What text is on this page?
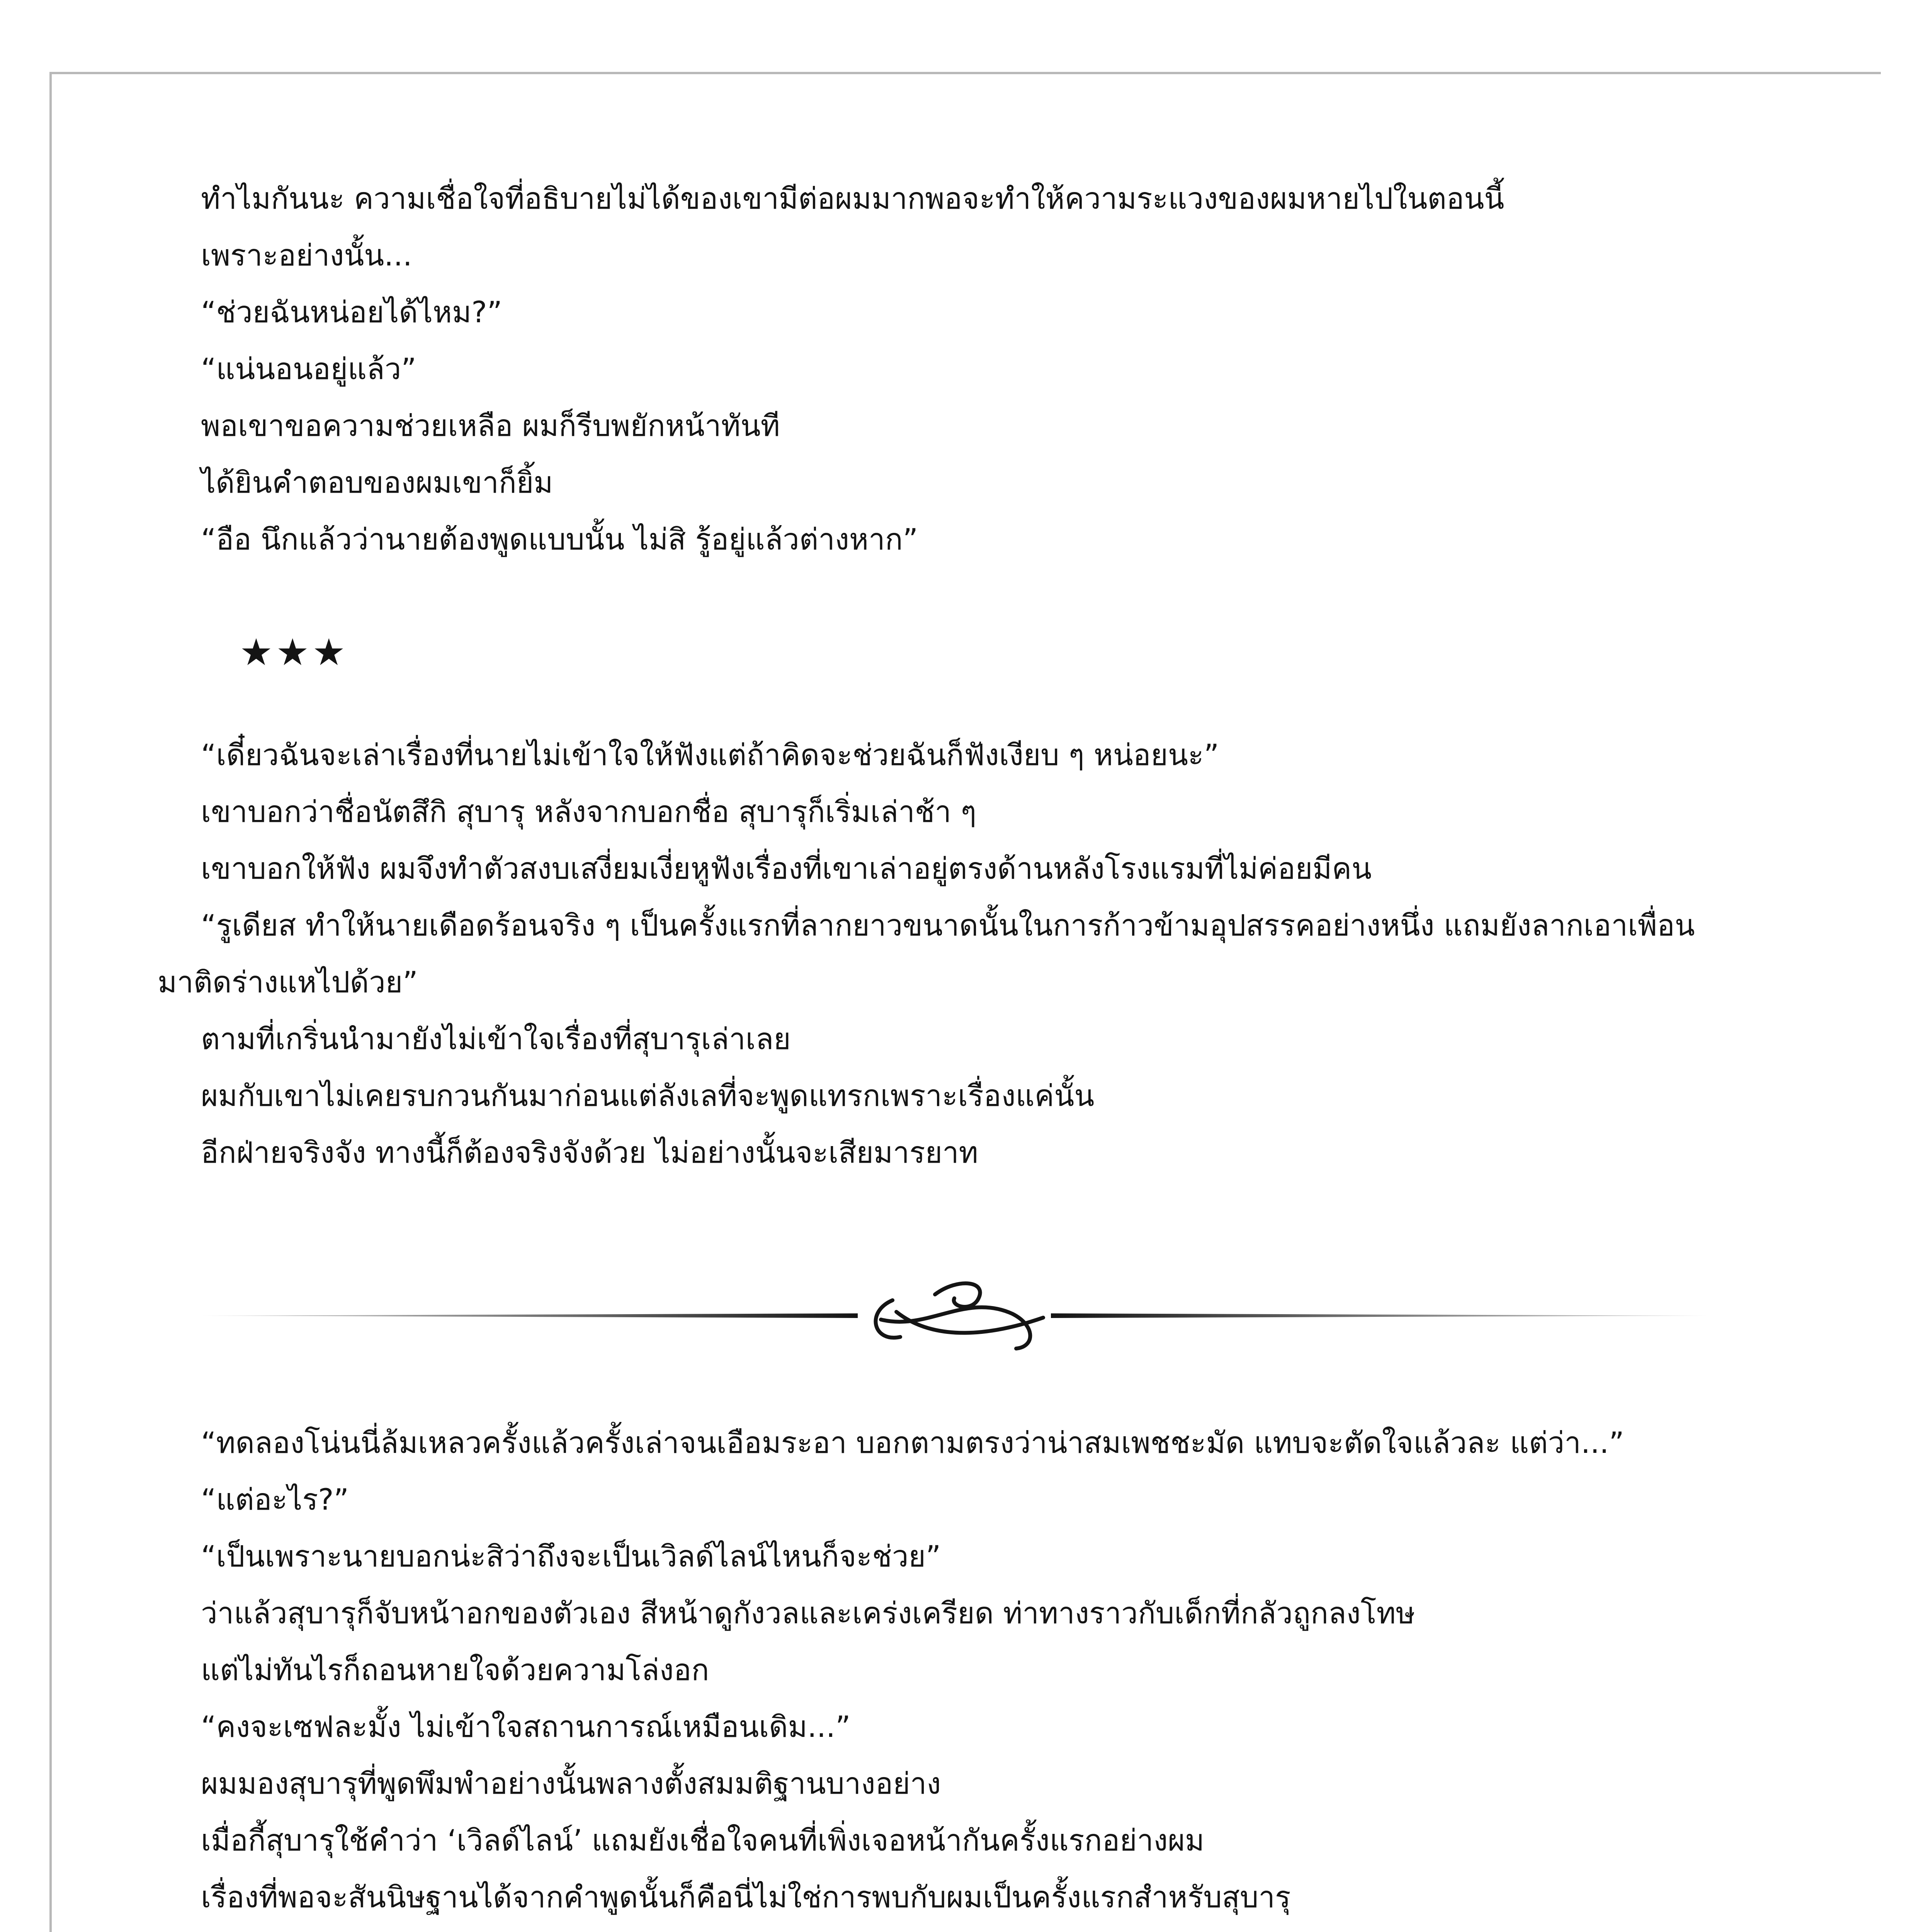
ทำไมกันนะ ความเชื่อใจที่อธิบายไม่ได้ของเขามีต่อผมมากพอจะทำให้ความระแวงของผมหายไปในตอนนี้

เพราะอย่างนั้น...

“ช่วยฉันหน่อยได้ไหม?”

“แน่นอนอยู่แล้ว”

พอเขาขอความช่วยเหลือ ผมก็รีบพยักหน้าทันที

ได้ยินคำตอบของผมเขาก็ยิ้ม

“อือ นึกแล้วว่านายต้องพูดแบบนั้น ไม่สิ รู้อยู่แล้วต่างหาก”

★★★

“เดี๋ยวฉันจะเล่าเรื่องที่นายไม่เข้าใจให้ฟังแต่ถ้าคิดจะช่วยฉันก็ฟังเงียบ ๆ หน่อยนะ”

เขาบอกว่าชื่อนัตสึกิ สุบารุ หลังจากบอกชื่อ สุบารุก็เริ่มเล่าช้า ๆ

เขาบอกให้ฟัง ผมจึงทำตัวสงบเสงี่ยมเงี่ยหูฟังเรื่องที่เขาเล่าอยู่ตรงด้านหลังโรงแรมที่ไม่ค่อยมีคน

“รูเดียส ทำให้นายเดือดร้อนจริง ๆ เป็นครั้งแรกที่ลากยาวขนาดนั้นในการก้าวข้ามอุปสรรคอย่างหนึ่ง แถมยังลากเอาเพื่อนมาติดร่างแหไปด้วย”

ตามที่เกริ่นนำมายังไม่เข้าใจเรื่องที่สุบารุเล่าเลย

ผมกับเขาไม่เคยรบกวนกันมาก่อนแต่ลังเลที่จะพูดแทรกเพราะเรื่องแค่นั้น

อีกฝ่ายจริงจัง ทางนี้ก็ต้องจริงจังด้วย ไม่อย่างนั้นจะเสียมารยาท

“ทดลองโน่นนี่ล้มเหลวครั้งแล้วครั้งเล่าจนเอือมระอา บอกตามตรงว่าน่าสมเพชชะมัด แทบจะตัดใจแล้วละ แต่ว่า...”

“แต่อะไร?”

“เป็นเพราะนายบอกน่ะสิว่าถึงจะเป็นเวิลด์ไลน์ไหนก็จะช่วย”

ว่าแล้วสุบารุก็จับหน้าอกของตัวเอง สีหน้าดูกังวลและเคร่งเครียด ท่าทางราวกับเด็กที่กลัวถูกลงโทษ

แต่ไม่ทันไรก็ถอนหายใจด้วยความโล่งอก

“คงจะเซฟละมั้ง ไม่เข้าใจสถานการณ์เหมือนเดิม...”

ผมมองสุบารุที่พูดพึมพำอย่างนั้นพลางตั้งสมมติฐานบางอย่าง

เมื่อกี้สุบารุใช้คำว่า ‘เวิลด์ไลน์’ แถมยังเชื่อใจคนที่เพิ่งเจอหน้ากันครั้งแรกอย่างผม

เรื่องที่พอจะสันนิษฐานได้จากคำพูดนั้นก็คือนี่ไม่ใช่การพบกับผมเป็นครั้งแรกสำหรับสุบารุ
